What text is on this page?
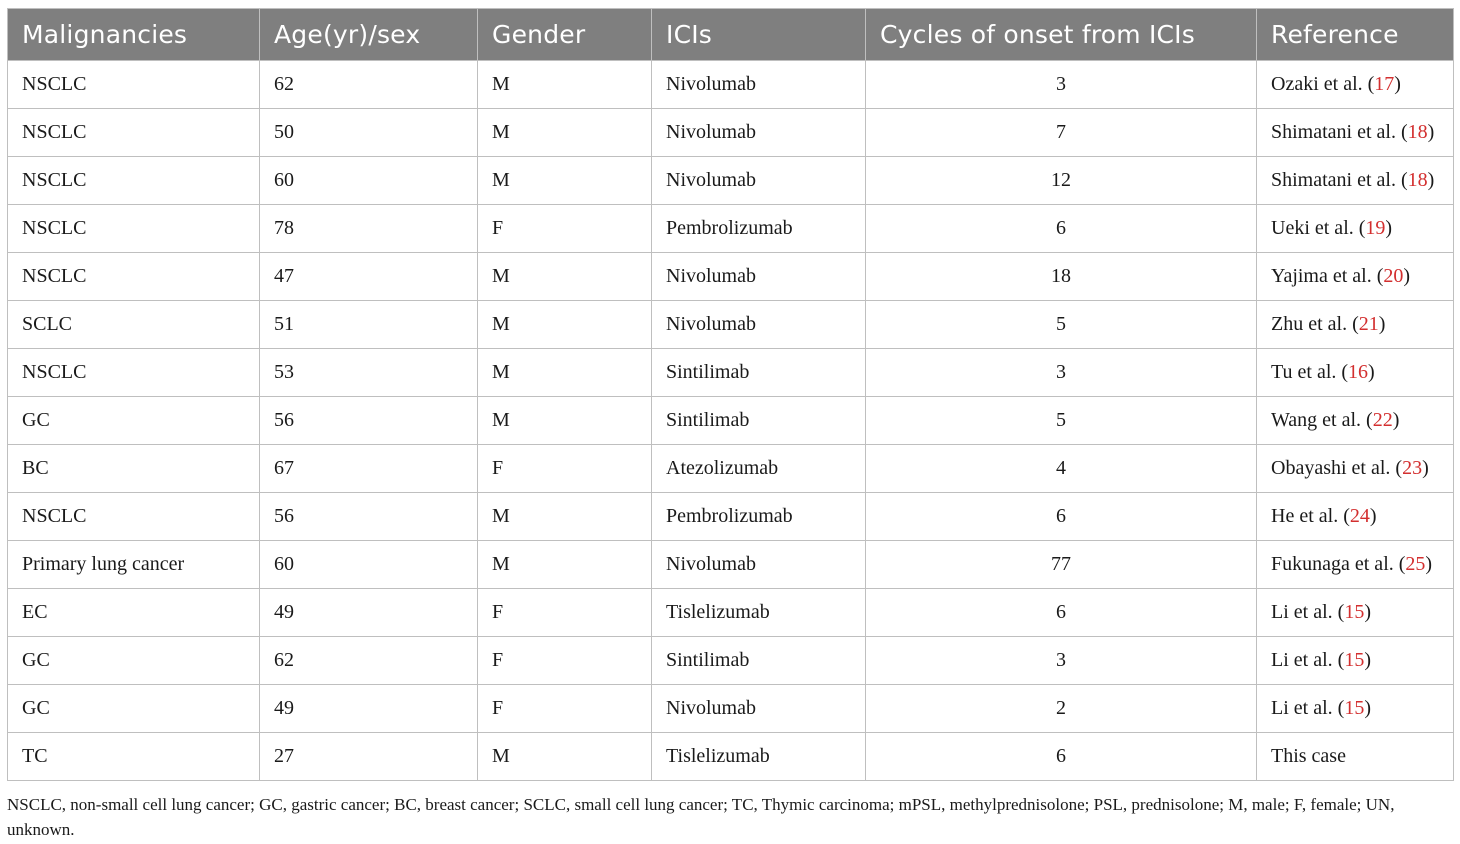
Malignancies	Age(yr)/sex	Gender	ICIs	Cycles of onset from ICIs	Reference
NSCLC	62	M	Nivolumab	3	Ozaki et al. (17)
NSCLC	50	M	Nivolumab	7	Shimatani et al. (18)
NSCLC	60	M	Nivolumab	12	Shimatani et al. (18)
NSCLC	78	F	Pembrolizumab	6	Ueki et al. (19)
NSCLC	47	M	Nivolumab	18	Yajima et al. (20)
SCLC	51	M	Nivolumab	5	Zhu et al. (21)
NSCLC	53	M	Sintilimab	3	Tu et al. (16)
GC	56	M	Sintilimab	5	Wang et al. (22)
BC	67	F	Atezolizumab	4	Obayashi et al. (23)
NSCLC	56	M	Pembrolizumab	6	He et al. (24)
Primary lung cancer	60	M	Nivolumab	77	Fukunaga et al. (25)
EC	49	F	Tislelizumab	6	Li et al. (15)
GC	62	F	Sintilimab	3	Li et al. (15)
GC	49	F	Nivolumab	2	Li et al. (15)
TC	27	M	Tislelizumab	6	This case
NSCLC, non-small cell lung cancer; GC, gastric cancer; BC, breast cancer; SCLC, small cell lung cancer; TC, Thymic carcinoma; mPSL, methylprednisolone; PSL, prednisolone; M, male; F, female; UN, unknown.
